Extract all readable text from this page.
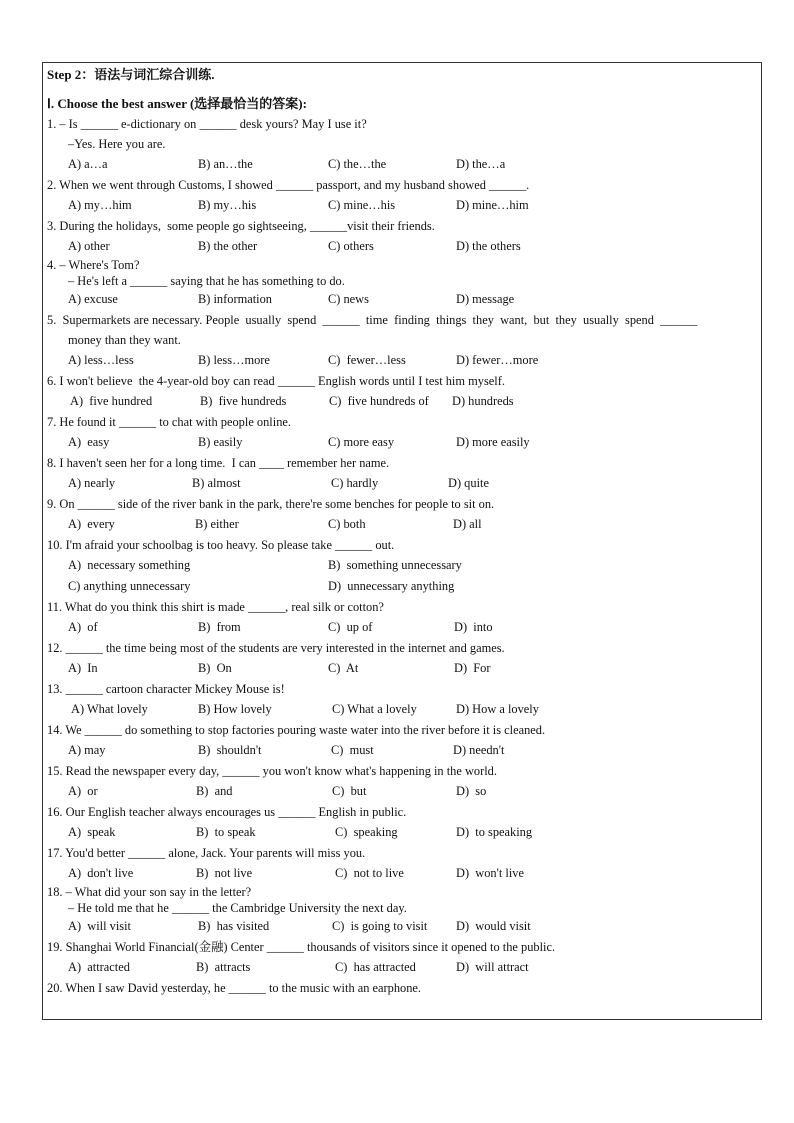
Step 2：语法与词汇综合训练.
Ⅰ. Choose the best answer (选择最恰当的答案):
1. – Is ______ e-dictionary on ______ desk yours? May I use it?
–Yes. Here you are.
A) a…a	B) an…the	C) the…the	D) the…a
2. When we went through Customs, I showed ______ passport, and my husband showed ______.
A) my…him	B) my…his	C) mine…his	D) mine…him
3. During the holidays,  some people go sightseeing, ______visit their friends.
A) other	B) the other	C) others	D) the others
4. – Where's Tom?
– He's left a ______ saying that he has something to do.
A) excuse	B) information	C) news	D) message
5.  Supermarkets are necessary. People  usually  spend  ______  time  finding  things  they  want,  but  they  usually  spend  ______
money than they want.
A) less…less	B) less…more	C)  fewer…less	D) fewer…more
6. I won't believe  the 4-year-old boy can read ______ English words until I test him myself.
A)  five hundred	B)  five hundreds	C)  five hundreds of D) hundreds
7. He found it ______ to chat with people online.
A)  easy	B) easily	C) more easy	D) more easily
8. I haven't seen her for a long time.  I can ____ remember her name.
A) nearly	B) almost	C) hardly	D) quite
9. On ______ side of the river bank in the park, there're some benches for people to sit on.
A)  every	B) either	C) both	D) all
10. I'm afraid your schoolbag is too heavy. So please take ______ out.
A)  necessary something	B)  something unnecessary
C) anything unnecessary	D)  unnecessary anything
11. What do you think this shirt is made ______, real silk or cotton?
A)  of	B)  from	C)  up of	D)  into
12. ______ the time being most of the students are very interested in the internet and games.
A)  In	B)  On	C)  At	D)  For
13. ______ cartoon character Mickey Mouse is!
A) What lovely	B) How lovely	C) What a lovely	D) How a lovely
14. We ______ do something to stop factories pouring waste water into the river before it is cleaned.
A) may	B)  shouldn't	C)  must	D) needn't
15. Read the newspaper every day, ______ you won't know what's happening in the world.
A)  or	B)  and	C)  but	D)  so
16. Our English teacher always encourages us ______ English in public.
A)  speak	B)  to speak	C)  speaking	D)  to speaking
17. You'd better ______ alone, Jack. Your parents will miss you.
A)  don't live	B)  not live	C)  not to live	D)  won't live
18. – What did your son say in the letter?
– He told me that he ______ the Cambridge University the next day.
A)  will visit	B)  has visited	C)  is going to visit D)  would visit
19. Shanghai World Financial(金融) Center ______ thousands of visitors since it opened to the public.
A)  attracted	B)  attracts	C)  has attracted	D)  will attract
20. When I saw David yesterday, he ______ to the music with an earphone.
